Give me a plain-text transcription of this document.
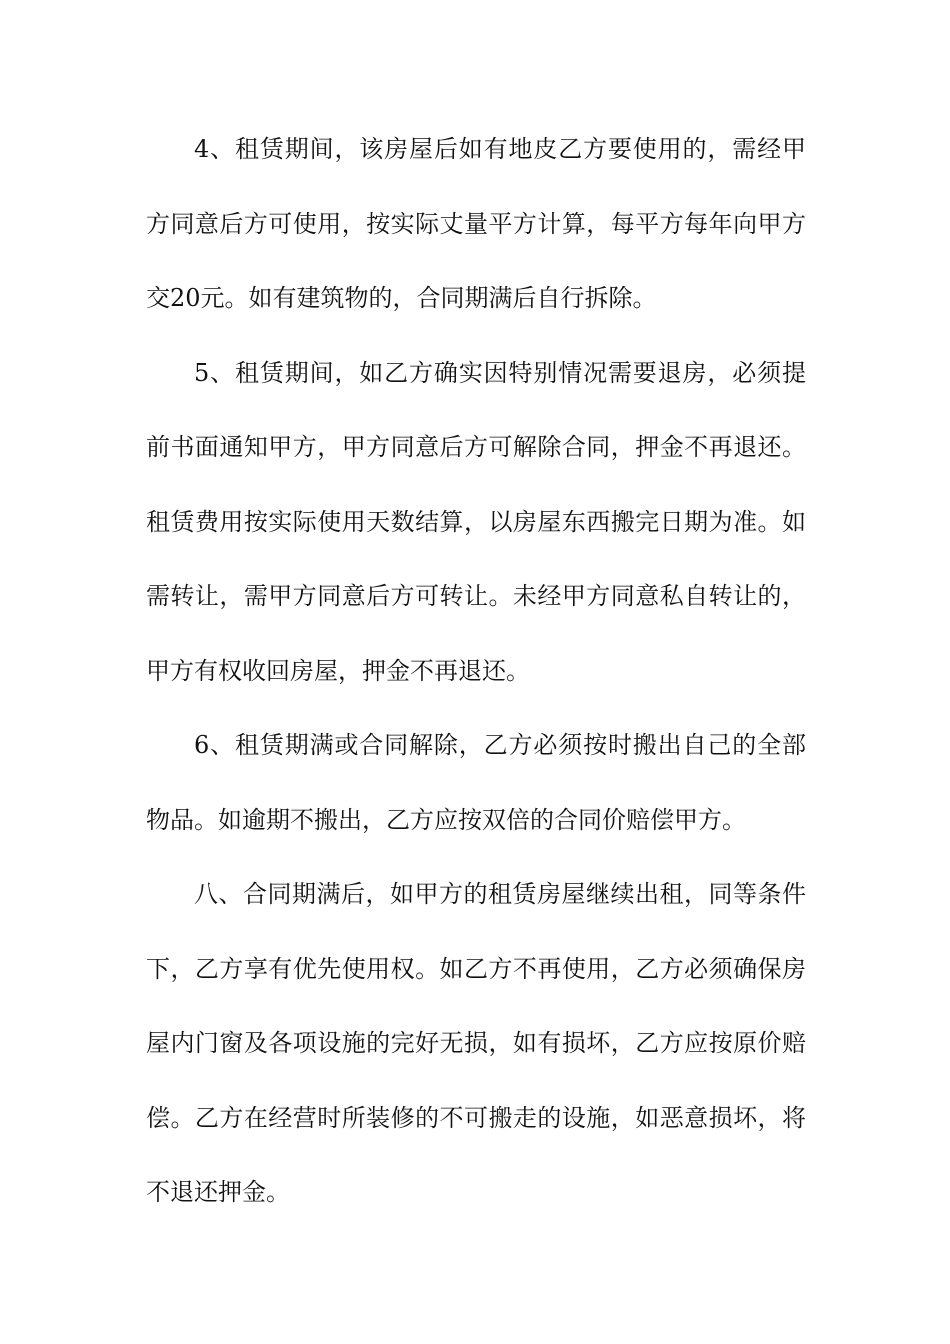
4、租赁期间，该房屋后如有地皮乙方要使用的，需经甲方同意后方可使用，按实际丈量平方计算，每平方每年向甲方交20元。如有建筑物的，合同期满后自行拆除。

5、租赁期间，如乙方确实因特别情况需要退房，必须提前书面通知甲方，甲方同意后方可解除合同，押金不再退还。租赁费用按实际使用天数结算，以房屋东西搬完日期为准。如需转让，需甲方同意后方可转让。未经甲方同意私自转让的，甲方有权收回房屋，押金不再退还。

6、租赁期满或合同解除，乙方必须按时搬出自己的全部物品。如逾期不搬出，乙方应按双倍的合同价赔偿甲方。

八、合同期满后，如甲方的租赁房屋继续出租，同等条件下，乙方享有优先使用权。如乙方不再使用，乙方必须确保房屋内门窗及各项设施的完好无损，如有损坏，乙方应按原价赔偿。乙方在经营时所装修的不可搬走的设施，如恶意损坏，将不退还押金。
